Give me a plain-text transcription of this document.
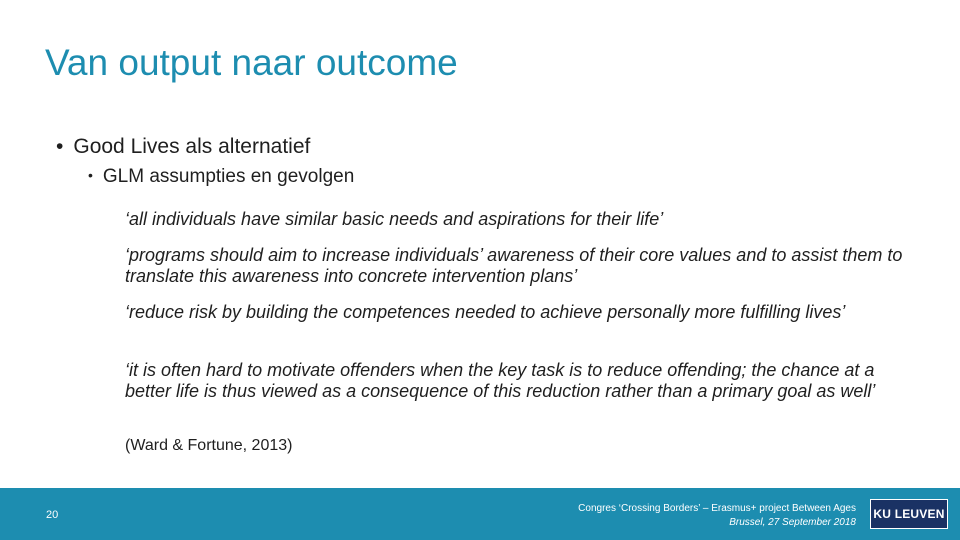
Van output naar outcome
• Good Lives als alternatief
• GLM assumpties en gevolgen

‘all individuals have similar basic needs and aspirations for their life’

‘programs should aim to increase individuals’ awareness of their core values and to assist them to translate this awareness into concrete intervention plans’

‘reduce risk by building the competences needed to achieve personally more fulfilling lives’

‘it is often hard to motivate offenders when the key task is to reduce offending; the chance at a better life is thus viewed as a consequence of this reduction rather than a primary goal as well’

(Ward & Fortune, 2013)
20
Congres ‘Crossing Borders’ – Erasmus+ project Between Ages
Brussel, 27 September 2018
KU LEUVEN
